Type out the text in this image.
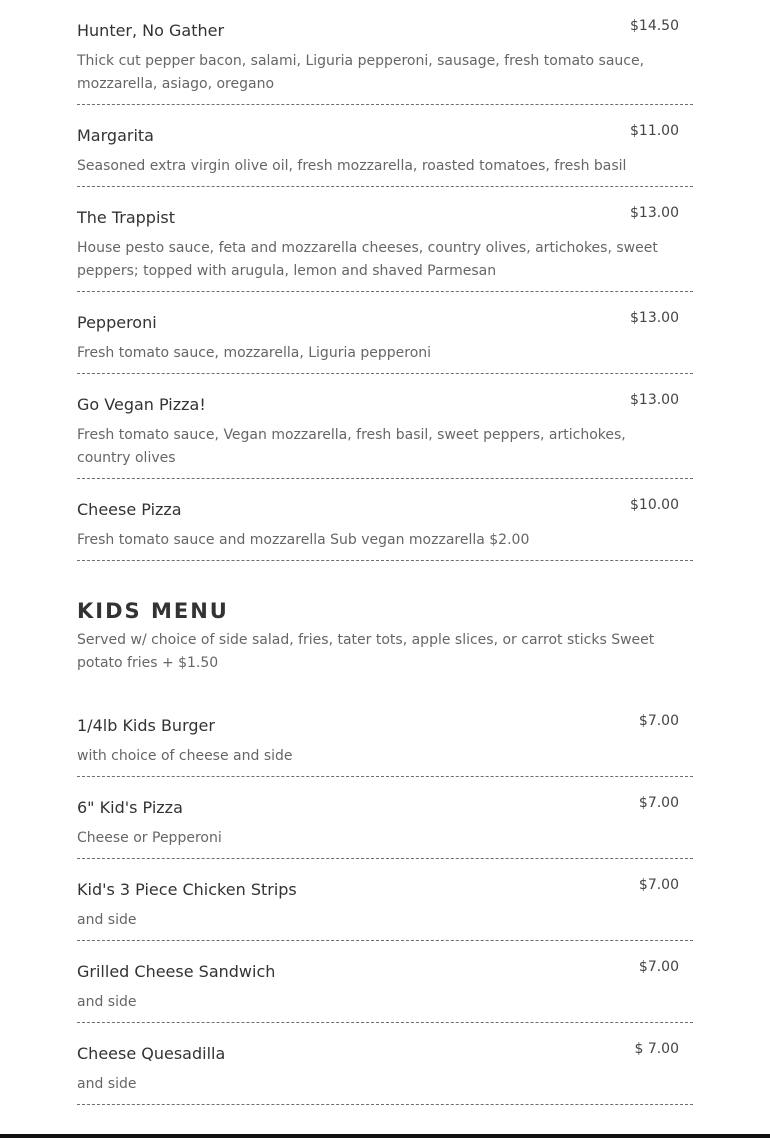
Hunter, No Gather	$14.50
Thick cut pepper bacon, salami, Liguria pepperoni, sausage, fresh tomato sauce, mozzarella, asiago, oregano
Margarita	$11.00
Seasoned extra virgin olive oil, fresh mozzarella, roasted tomatoes, fresh basil
The Trappist	$13.00
House pesto sauce, feta and mozzarella cheeses, country olives, artichokes, sweet peppers; topped with arugula, lemon and shaved Parmesan
Pepperoni	$13.00
Fresh tomato sauce, mozzarella, Liguria pepperoni
Go Vegan Pizza!	$13.00
Fresh tomato sauce, Vegan mozzarella, fresh basil, sweet peppers, artichokes, country olives
Cheese Pizza	$10.00
Fresh tomato sauce and mozzarella Sub vegan mozzarella $2.00
KIDS MENU
Served w/ choice of side salad, fries, tater tots, apple slices, or carrot sticks Sweet potato fries + $1.50
1/4lb Kids Burger	$7.00
with choice of cheese and side
6" Kid's Pizza	$7.00
Cheese or Pepperoni
Kid's 3 Piece Chicken Strips	$7.00
and side
Grilled Cheese Sandwich	$7.00
and side
Cheese Quesadilla	$ 7.00
and side
